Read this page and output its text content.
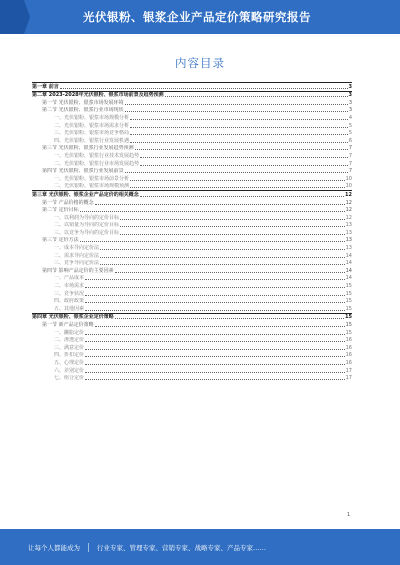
光伏银粉、银浆企业产品定价策略研究报告
内容目录
第一章 前言	3
第二章 2023-2028年光伏银粉、银浆市场前景及趋势预测	3
第一节 光伏银粉、银浆市场发展环境	3
第二节 光伏银粉、银浆行业市场现状	3
一、光伏银粉、银浆市场规模分析	4
二、光伏银粉、银浆市场需求分析	5
三、光伏银粉、银浆市场竞争格局	5
四、光伏银粉、银浆行业发展机遇	6
第三节 光伏银粉、银浆行业发展趋势预测	7
一、光伏银粉、银浆行业技术发展趋势	7
二、光伏银粉、银浆行业市场发展趋势	7
第四节 光伏银粉、银浆行业发展前景	7
一、光伏银粉、银浆市场前景分析	10
二、光伏银粉、银浆市场规模预测	10
第三章 光伏银粉、银浆企业产品定价的相关概念	12
第一节 产品价格的概念	12
第二节 定价目标	12
一、以利润为导向的定价目标	12
二、以销量为导向的定价目标	13
三、以竞争为导向的定价目标	13
第三节 定价方法	13
一、成本导向定价法	13
二、需求导向定价法	14
三、竞争导向定价法	14
第四节 影响产品定价的主要因素	14
一、产品成本	14
二、市场需求	15
三、竞争状况	15
四、政府政策	15
五、其他因素	15
第四章 光伏银粉、银浆企业定价策略	15
第一节 新产品定价策略	15
一、撇脂定价	15
二、渗透定价	16
三、满意定价	16
四、折扣定价	16
五、心理定价	16
六、差别定价	17
七、组合定价	17
1
让每个人都能成为	行业专家、管理专家、营销专家、战略专家、产品专家……
